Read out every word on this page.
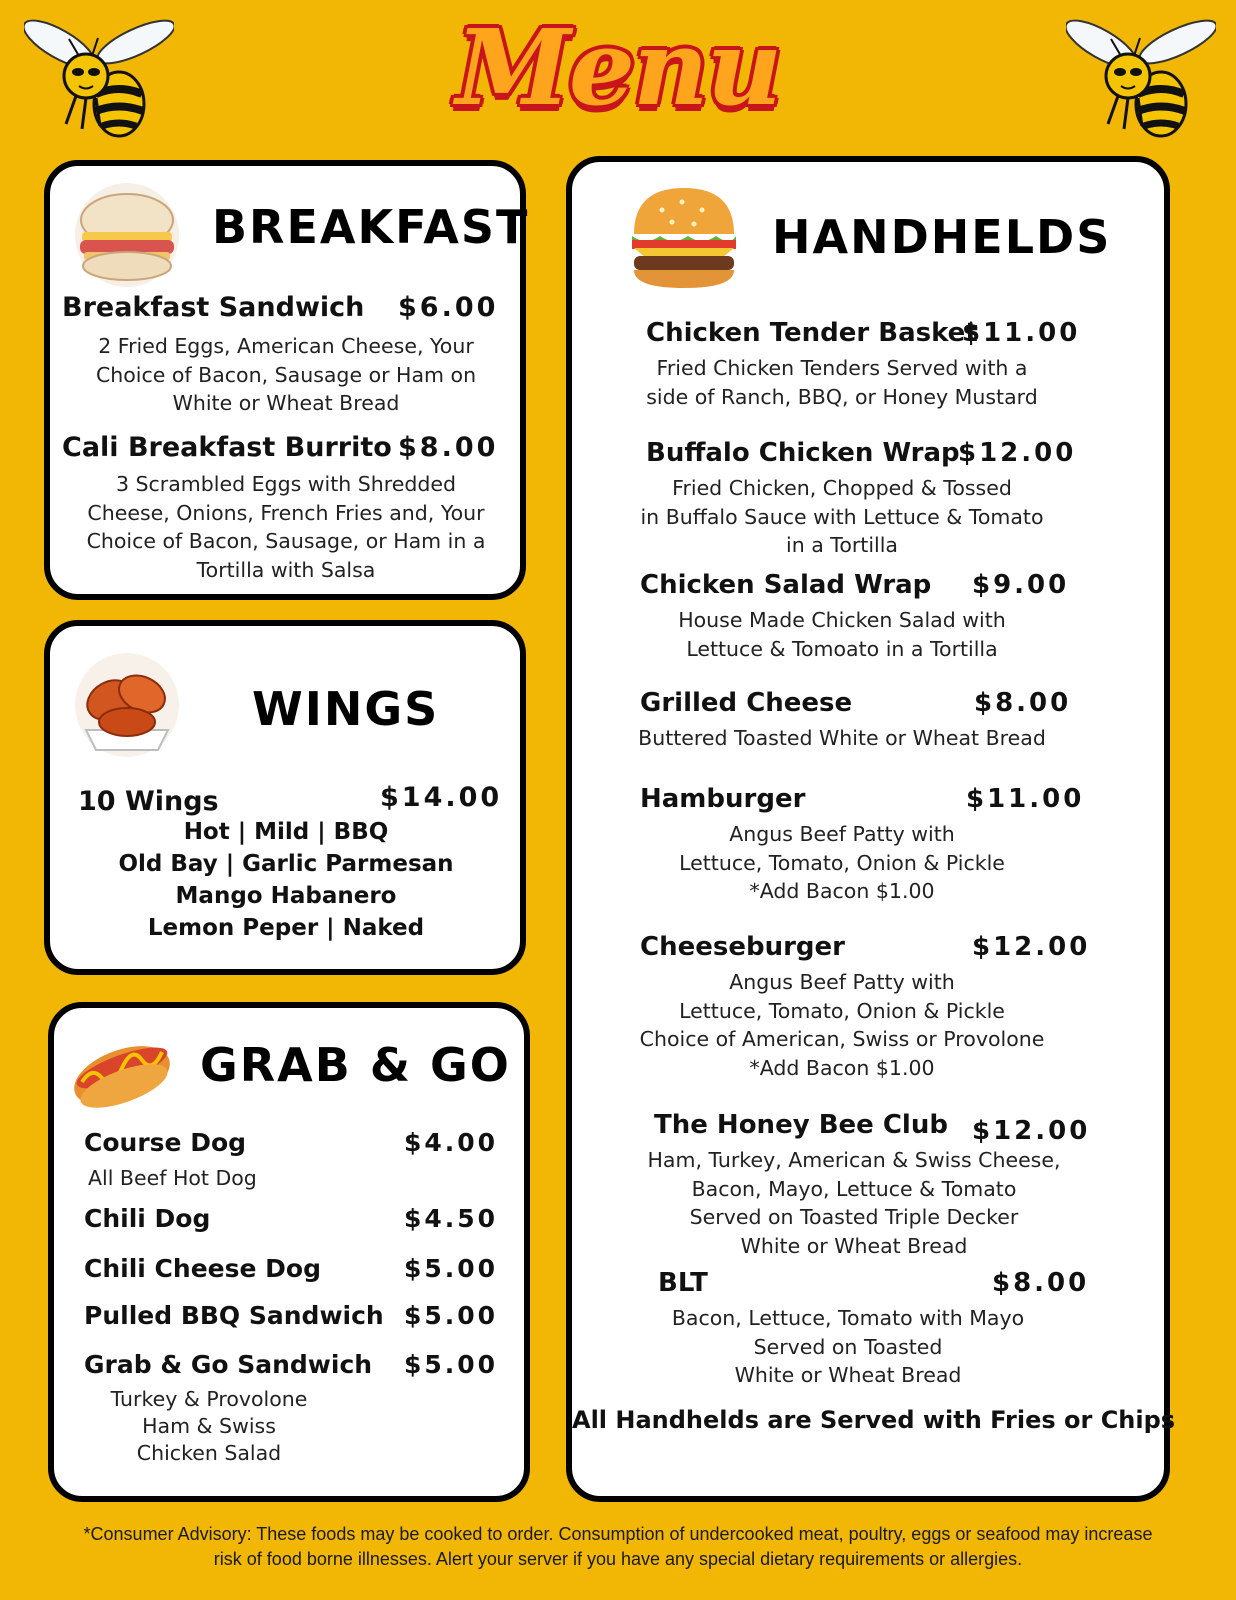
Menu
BREAKFAST
Breakfast Sandwich $6.00
2 Fried Eggs, American Cheese, Your
Choice of Bacon, Sausage or Ham on
White or Wheat Bread
Cali Breakfast Burrito $8.00
3 Scrambled Eggs with Shredded
Cheese, Onions, French Fries and, Your
Choice of Bacon, Sausage, or Ham in a
Tortilla with Salsa
WINGS
10 Wings	$14.00
Hot | Mild | BBQ
Old Bay | Garlic Parmesan
Mango Habanero
Lemon Peper | Naked
GRAB & GO
Course Dog	$4.00
All Beef Hot Dog
Chili Dog	$4.50
Chili Cheese Dog	$5.00
Pulled BBQ Sandwich $5.00
Grab & Go Sandwich $5.00
Turkey & Provolone
Ham & Swiss
Chicken Salad
HANDHELDS
Chicken Tender Basket
$11.00
Fried Chicken Tenders Served with a
side of Ranch, BBQ, or Honey Mustard
Buffalo Chicken Wrap
$12.00
Fried Chicken, Chopped & Tossed
in Buffalo Sauce with Lettuce & Tomato
in a Tortilla
Chicken Salad Wrap $9.00
House Made Chicken Salad with
Lettuce & Tomoato in a Tortilla
Grilled Cheese	$8.00
Buttered Toasted White or Wheat Bread
Hamburger	$11.00
Angus Beef Patty with
Lettuce, Tomato, Onion & Pickle
*Add Bacon $1.00
Cheeseburger	$12.00
Angus Beef Patty with
Lettuce, Tomato, Onion & Pickle
Choice of American, Swiss or Provolone
*Add Bacon $1.00
The Honey Bee Club $12.00
Ham, Turkey, American & Swiss Cheese,
Bacon, Mayo, Lettuce & Tomato
Served on Toasted Triple Decker
White or Wheat Bread
BLT	$8.00
Bacon, Lettuce, Tomato with Mayo
Served on Toasted
White or Wheat Bread
All Handhelds are Served with Fries or Chips
*Consumer Advisory: These foods may be cooked to order. Consumption of undercooked meat, poultry, eggs or seafood may increase
risk of food borne illnesses. Alert your server if you have any special dietary requirements or allergies.
